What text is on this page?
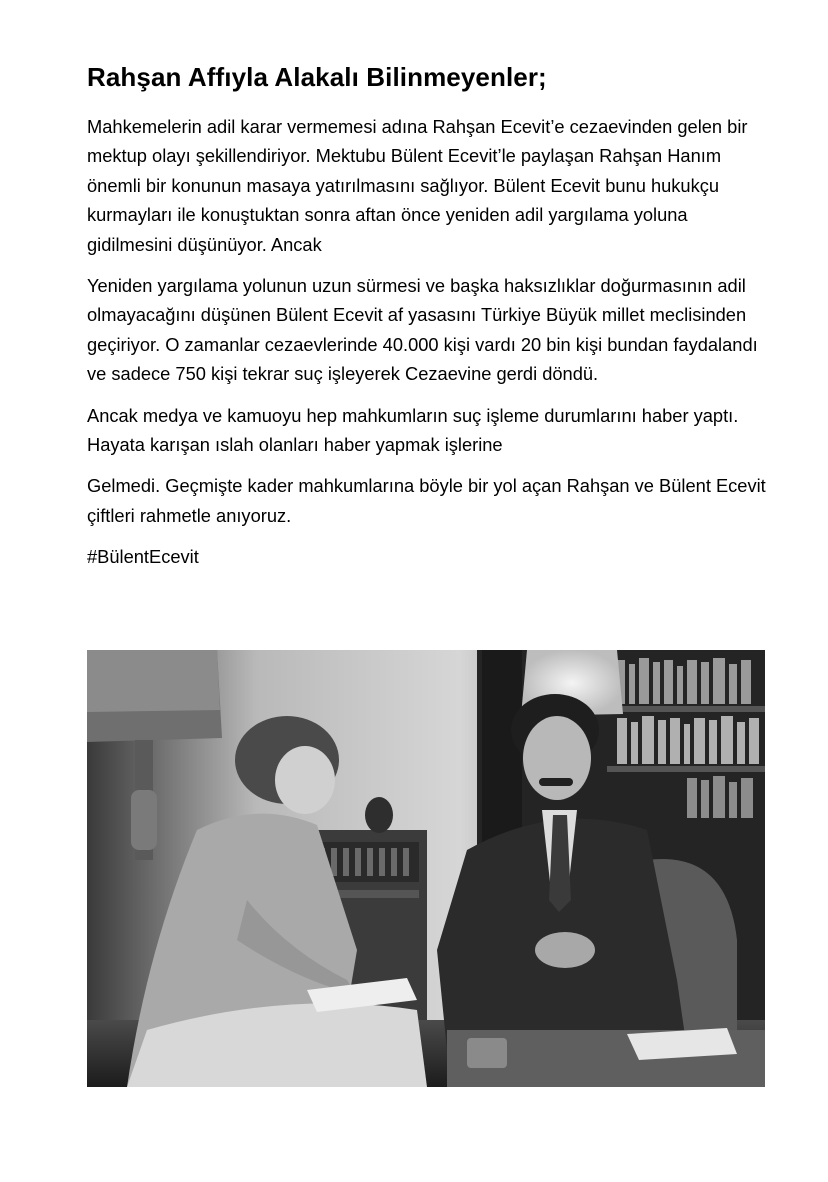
Rahşan Affıyla Alakalı Bilinmeyenler;

Mahkemelerin adil karar vermemesi adına Rahşan Ecevit’e cezaevinden gelen bir mektup olayı şekillendiriyor. Mektubu Bülent Ecevit’le paylaşan Rahşan Hanım önemli bir konunun masaya yatırılmasını sağlıyor. Bülent Ecevit bunu hukukçu kurmayları ile konuştuktan sonra aftan önce yeniden adil yargılama yoluna gidilmesini düşünüyor. Ancak

Yeniden yargılama yolunun uzun sürmesi ve başka haksızlıklar doğurmasının adil olmayacağını düşünen Bülent Ecevit af yasasını Türkiye Büyük millet meclisinden geçiriyor. O zamanlar cezaevlerinde 40.000 kişi vardı 20 bin kişi bundan faydalandı ve sadece 750 kişi tekrar suç işleyerek Cezaevine gerdi döndü.

Ancak medya ve kamuoyu hep mahkumların suç işleme durumlarını haber yaptı. Hayata karışan ıslah olanları haber yapmak işlerine

Gelmedi. Geçmişte kader mahkumlarına böyle bir yol açan Rahşan ve Bülent Ecevit çiftleri rahmetle anıyoruz.

#BülentEcevit
